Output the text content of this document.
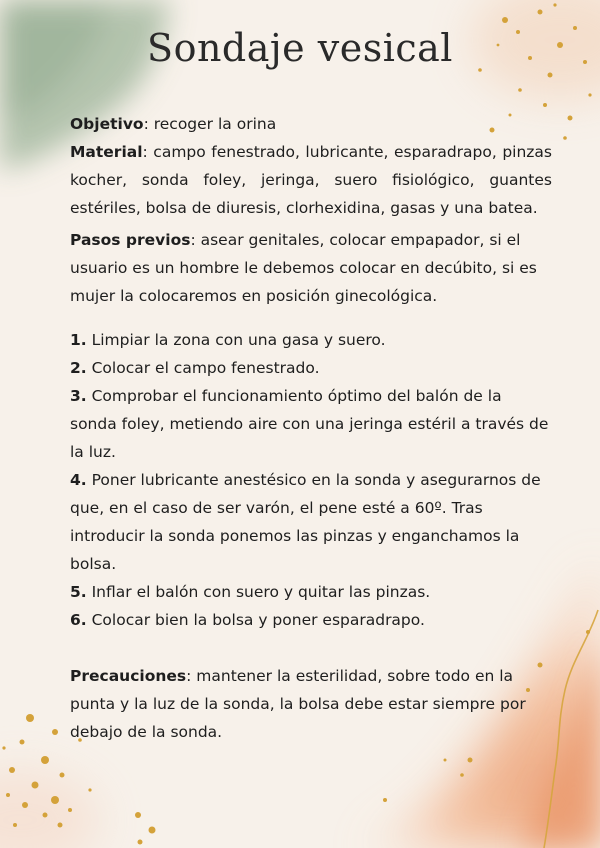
Sondaje vesical

Objetivo: recoger la orina

Material: campo fenestrado, lubricante, esparadrapo, pinzas kocher, sonda foley, jeringa, suero fisiológico, guantes estériles, bolsa de diuresis, clorhexidina, gasas y una batea.

Pasos previos: asear genitales, colocar empapador, si el usuario es un hombre le debemos colocar en decúbito, si es mujer la colocaremos en posición ginecológica.

1. Limpiar la zona con una gasa y suero.
2. Colocar el campo fenestrado.
3. Comprobar el funcionamiento óptimo del balón de la sonda foley, metiendo aire con una jeringa estéril a través de la luz.
4. Poner lubricante anestésico en la sonda y asegurarnos de que, en el caso de ser varón, el pene esté a 60º. Tras introducir la sonda ponemos las pinzas y enganchamos la bolsa.
5. Inflar el balón con suero y quitar las pinzas.
6. Colocar bien la bolsa y poner esparadrapo.

Precauciones: mantener la esterilidad, sobre todo en la punta y la luz de la sonda, la bolsa debe estar siempre por debajo de la sonda.
